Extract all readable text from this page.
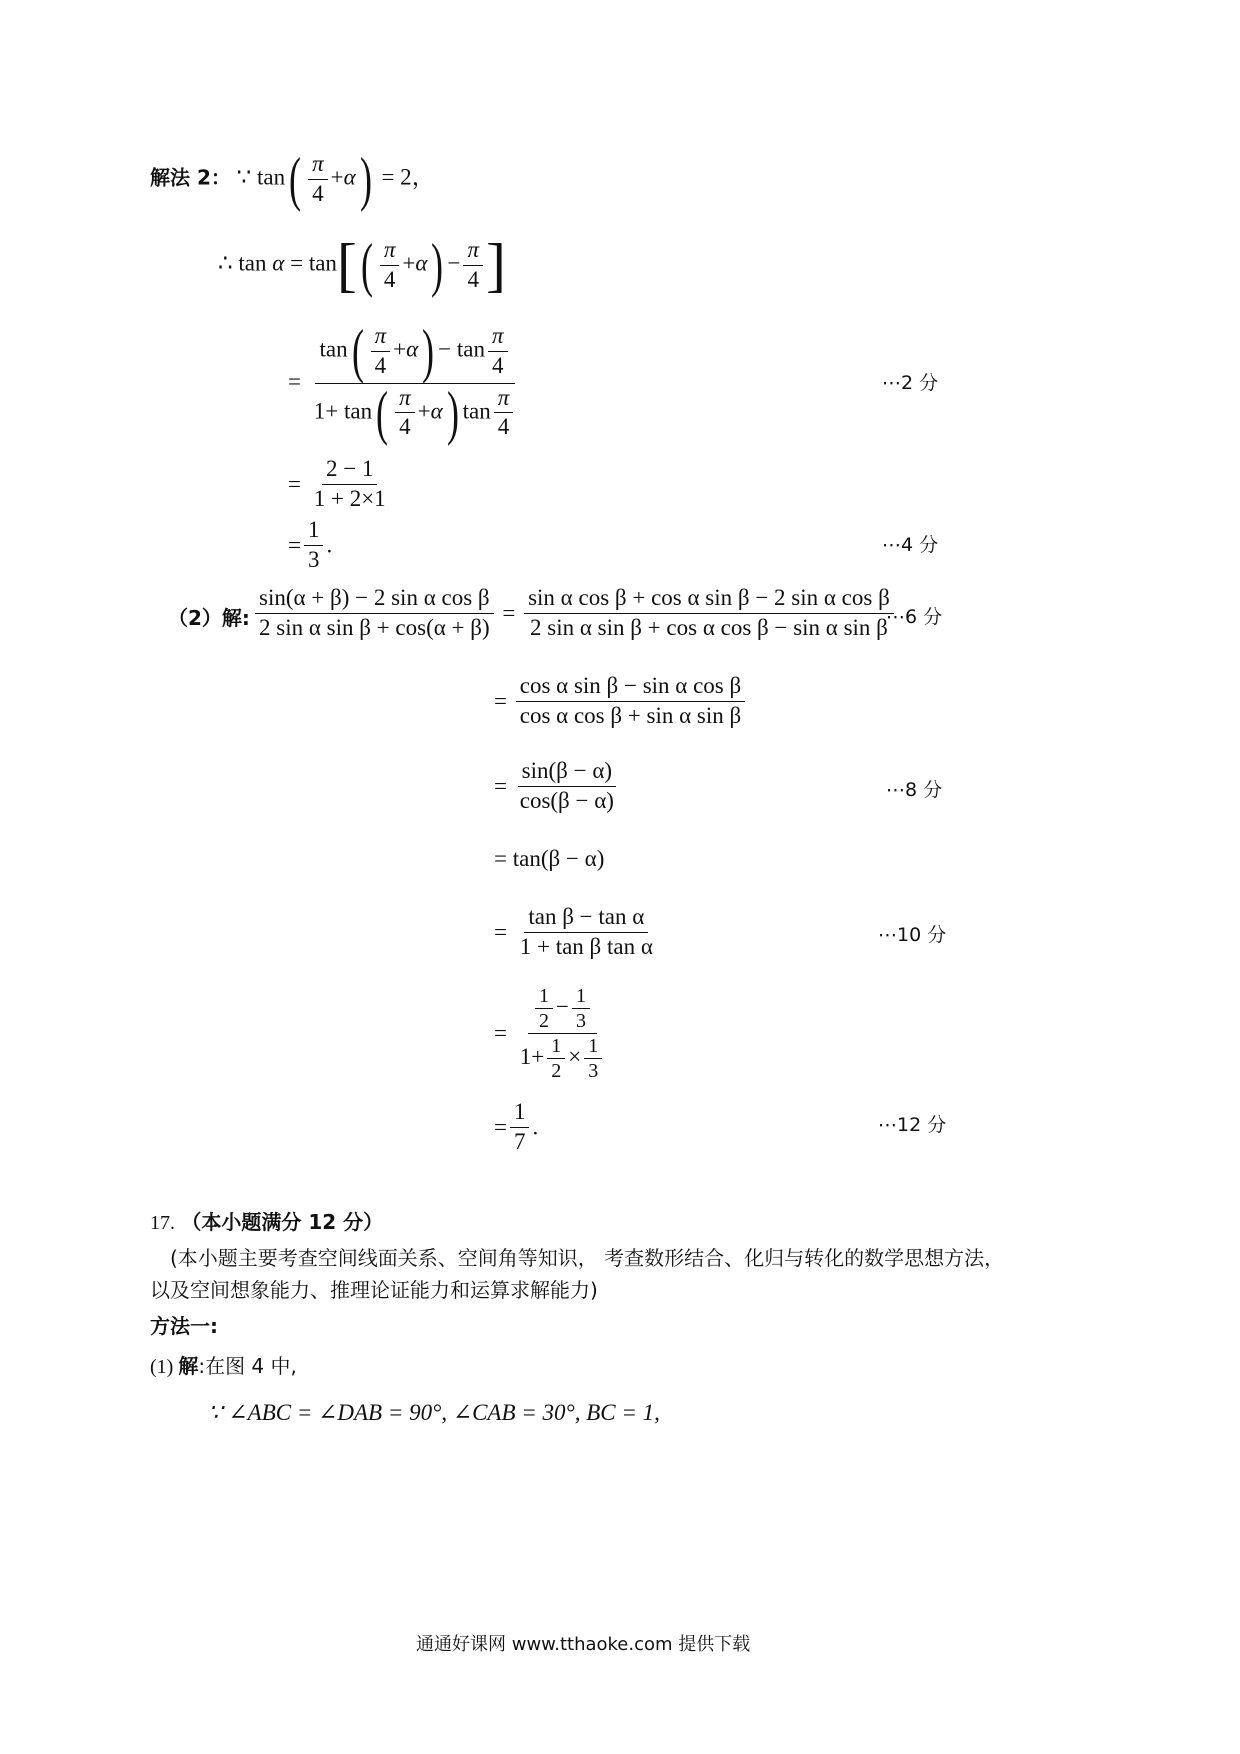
解法 2： ∵ $\tan( \frac{\pi}{4} +\alpha) = 2$，
∴ $\tan \alpha = \tan[( \frac{\pi}{4} +\alpha) - \frac{\pi}{4}$ ]
= $\frac{\tan( \frac{\pi}{4} +\alpha) - \tan \frac{\pi}{4}}{1+ \tan( \frac{\pi}{4} +\alpha) \tan \frac{\pi}{4}}$	⋯2 分
= $\frac{2 - 1}{1 + 2\times 1}$
= $\frac{1}{3}$ .	⋯4 分
（2）解: $\frac{\text{sin(α + β) − 2 sin α cos β}}{\text{2 sin α sin β + cos(α + β)}} = \frac{\text{sin α cos β + cos α sin β − 2 sin α cos β}}{\text{2 sin α sin β + cos α cos β − sin α sin β}}$
⋯6 分
= $\frac{\text{cos α sin β − sin α cos β}}{\text{cos α cos β + sin α sin β}}$
= $\frac{\sin(\beta - \alpha)}{\cos(\beta - \alpha)}$	⋯8 分
= tan(β − α)
= $\frac{\text{tan β − tan α}}{\text{1 + tan β tan α}}$	⋯10 分
= $\frac{\frac{1}{2} - \frac{1}{3}}{1+ \frac{1}{2} \times \frac{1}{3}}$
= $\frac{1}{7}$ .	⋯12 分
17. （本小题满分 12 分）
(本小题主要考查空间线面关系、空间角等知识， 考查数形结合、化归与转化的数学思想方法，
以及空间想象能力、推理论证能力和运算求解能力)
方法一:
(1) 解:在图 4 中,
∵ ∠ABC = ∠DAB = 90°, ∠CAB = 30°, BC = 1,
通通好课网 www.tthaoke.com 提供下载
